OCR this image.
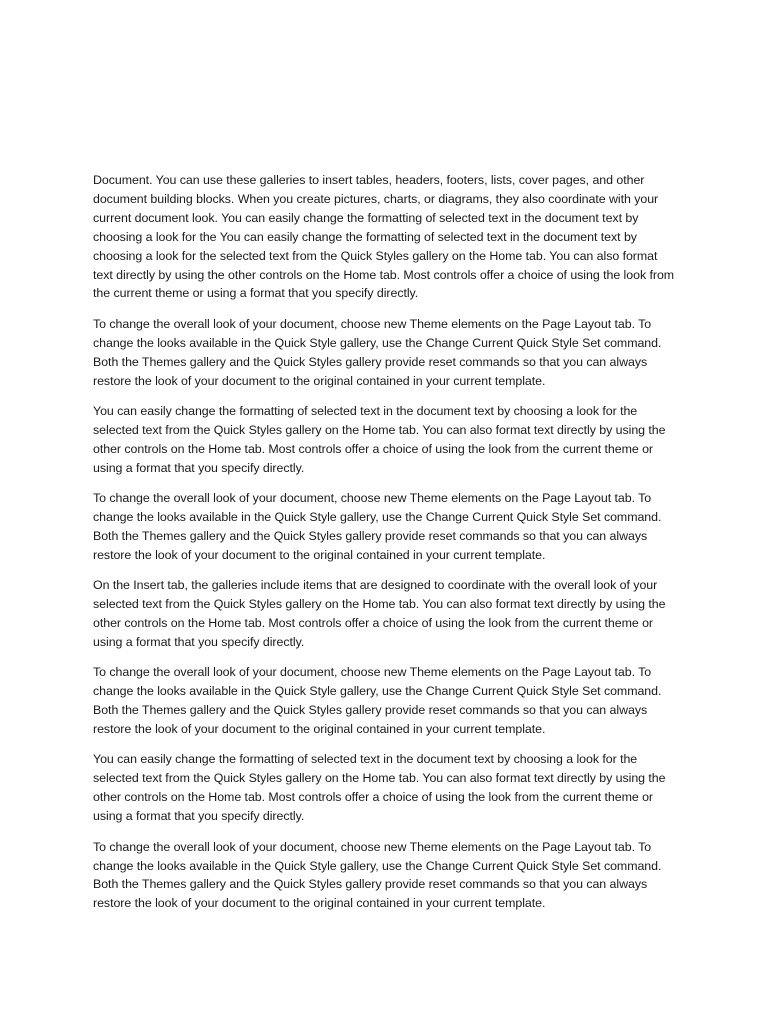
Document. You can use these galleries to insert tables, headers, footers, lists, cover pages, and other document building blocks. When you create pictures, charts, or diagrams, they also coordinate with your current document look. You can easily change the formatting of selected text in the document text by choosing a look for the You can easily change the formatting of selected text in the document text by choosing a look for the selected text from the Quick Styles gallery on the Home tab. You can also format text directly by using the other controls on the Home tab. Most controls offer a choice of using the look from the current theme or using a format that you specify directly.

To change the overall look of your document, choose new Theme elements on the Page Layout tab. To change the looks available in the Quick Style gallery, use the Change Current Quick Style Set command. Both the Themes gallery and the Quick Styles gallery provide reset commands so that you can always restore the look of your document to the original contained in your current template.

You can easily change the formatting of selected text in the document text by choosing a look for the selected text from the Quick Styles gallery on the Home tab. You can also format text directly by using the other controls on the Home tab. Most controls offer a choice of using the look from the current theme or using a format that you specify directly.

To change the overall look of your document, choose new Theme elements on the Page Layout tab. To change the looks available in the Quick Style gallery, use the Change Current Quick Style Set command. Both the Themes gallery and the Quick Styles gallery provide reset commands so that you can always restore the look of your document to the original contained in your current template.

On the Insert tab, the galleries include items that are designed to coordinate with the overall look of your selected text from the Quick Styles gallery on the Home tab. You can also format text directly by using the other controls on the Home tab. Most controls offer a choice of using the look from the current theme or using a format that you specify directly.

To change the overall look of your document, choose new Theme elements on the Page Layout tab. To change the looks available in the Quick Style gallery, use the Change Current Quick Style Set command. Both the Themes gallery and the Quick Styles gallery provide reset commands so that you can always restore the look of your document to the original contained in your current template.

You can easily change the formatting of selected text in the document text by choosing a look for the selected text from the Quick Styles gallery on the Home tab. You can also format text directly by using the other controls on the Home tab. Most controls offer a choice of using the look from the current theme or using a format that you specify directly.

To change the overall look of your document, choose new Theme elements on the Page Layout tab. To change the looks available in the Quick Style gallery, use the Change Current Quick Style Set command. Both the Themes gallery and the Quick Styles gallery provide reset commands so that you can always restore the look of your document to the original contained in your current template.
